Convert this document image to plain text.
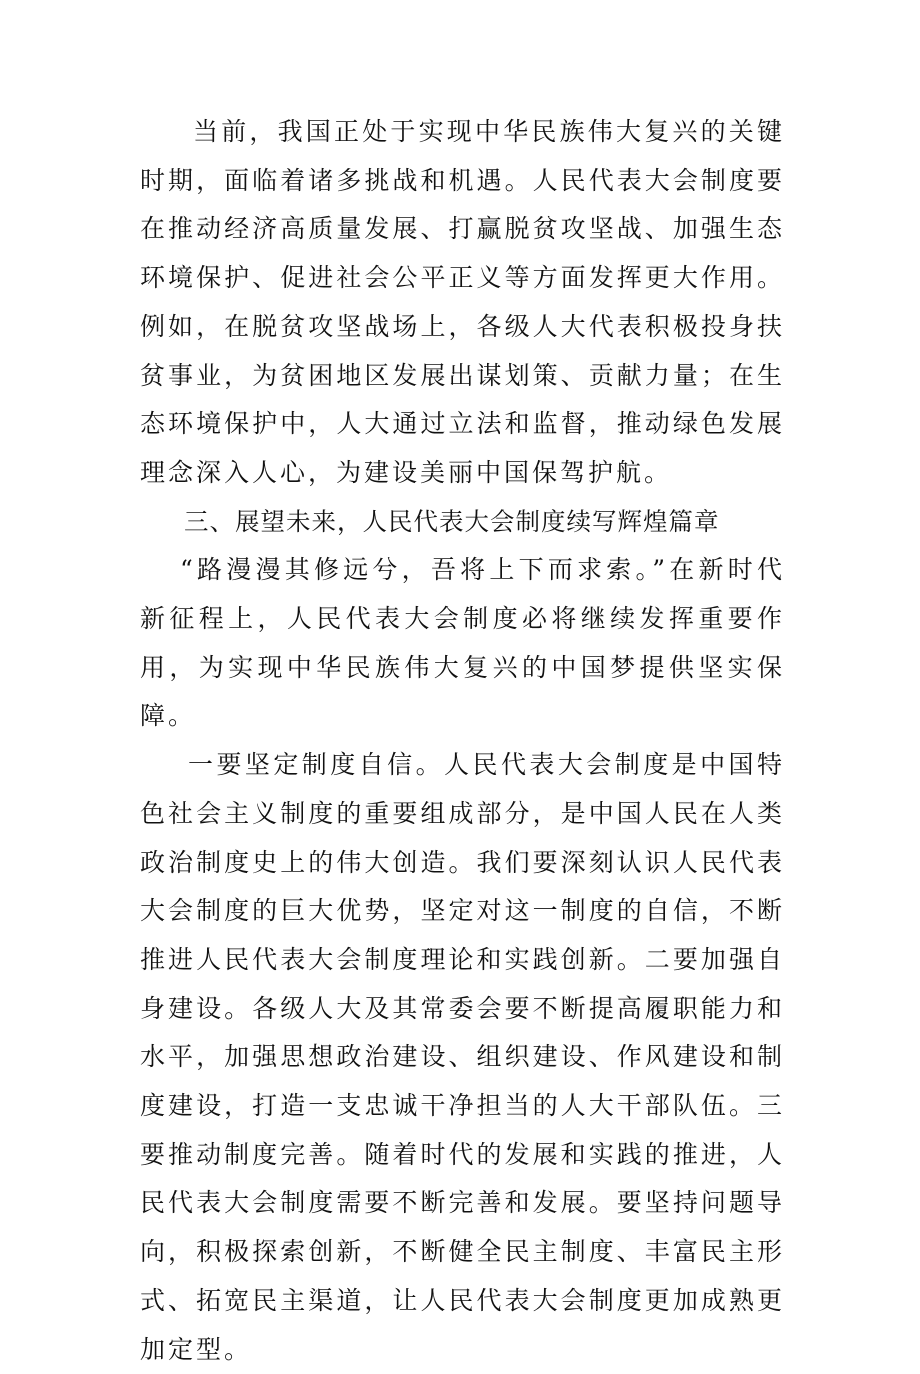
当前，我国正处于实现中华民族伟大复兴的关键时期，面临着诸多挑战和机遇。人民代表大会制度要在推动经济高质量发展、打赢脱贫攻坚战、加强生态环境保护、促进社会公平正义等方面发挥更大作用。例如，在脱贫攻坚战场上，各级人大代表积极投身扶贫事业，为贫困地区发展出谋划策、贡献力量；在生态环境保护中，人大通过立法和监督，推动绿色发展理念深入人心，为建设美丽中国保驾护航。

三、展望未来，人民代表大会制度续写辉煌篇章

“路漫漫其修远兮，吾将上下而求索。”在新时代新征程上，人民代表大会制度必将继续发挥重要作用，为实现中华民族伟大复兴的中国梦提供坚实保障。

一要坚定制度自信。人民代表大会制度是中国特色社会主义制度的重要组成部分，是中国人民在人类政治制度史上的伟大创造。我们要深刻认识人民代表大会制度的巨大优势，坚定对这一制度的自信，不断推进人民代表大会制度理论和实践创新。二要加强自身建设。各级人大及其常委会要不断提高履职能力和水平，加强思想政治建设、组织建设、作风建设和制度建设，打造一支忠诚干净担当的人大干部队伍。三要推动制度完善。随着时代的发展和实践的推进，人民代表大会制度需要不断完善和发展。要坚持问题导向，积极探索创新，不断健全民主制度、丰富民主形式、拓宽民主渠道，让人民代表大会制度更加成熟更加定型。
